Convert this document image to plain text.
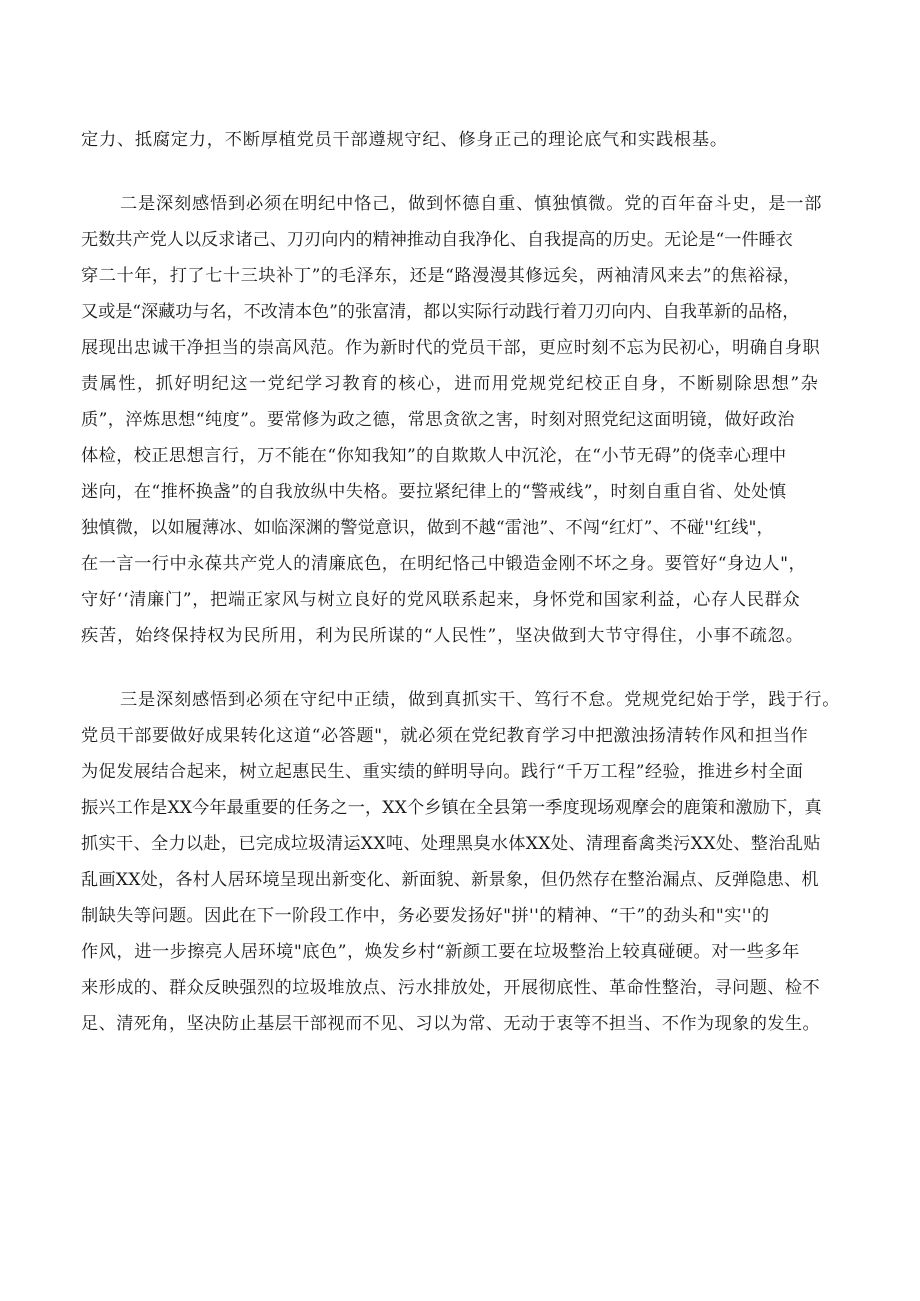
定力、抵腐定力，不断厚植党员干部遵规守纪、修身正己的理论底气和实践根基。
二是深刻感悟到必须在明纪中恪己，做到怀德自重、慎独慎微。党的百年奋斗史，是一部
无数共产党人以反求诸己、刀刃向内的精神推动自我净化、自我提高的历史。无论是“一件睡衣
穿二十年，打了七十三块补丁”的毛泽东，还是“路漫漫其修远矣，两袖清风来去”的焦裕禄，
又或是“深藏功与名，不改清本色”的张富清，都以实际行动践行着刀刃向内、自我革新的品格，
展现出忠诚干净担当的崇高风范。作为新时代的党员干部，更应时刻不忘为民初心，明确自身职
责属性，抓好明纪这一党纪学习教育的核心，进而用党规党纪校正自身，不断剔除思想”杂
质”，淬炼思想“纯度”。要常修为政之德，常思贪欲之害，时刻对照党纪这面明镜，做好政治
体检，校正思想言行，万不能在“你知我知”的自欺欺人中沉沦，在“小节无碍”的侥幸心理中
迷向，在“推杯换盏”的自我放纵中失格。要拉紧纪律上的“警戒线”，时刻自重自省、处处慎
独慎微，以如履薄冰、如临深渊的警觉意识，做到不越“雷池”、不闯“红灯”、不碰''红线"，
在一言一行中永葆共产党人的清廉底色，在明纪恪己中锻造金刚不坏之身。要管好“身边人"，
守好‘‘清廉门”，把端正家风与树立良好的党风联系起来，身怀党和国家利益，心存人民群众
疾苦，始终保持权为民所用，利为民所谋的“人民性”，坚决做到大节守得住，小事不疏忽。
三是深刻感悟到必须在守纪中正绩，做到真抓实干、笃行不怠。党规党纪始于学，践于行。
党员干部要做好成果转化这道“必答题"，就必须在党纪教育学习中把激浊扬清转作风和担当作
为促发展结合起来，树立起惠民生、重实绩的鲜明导向。践行“千万工程”经验，推进乡村全面
振兴工作是XX今年最重要的任务之一，XX个乡镇在全县第一季度现场观摩会的鹿策和激励下，真
抓实干、全力以赴，已完成垃圾清运XX吨、处理黑臭水体XX处、清理畜禽类污XX处、整治乱贴
乱画XX处，各村人居环境呈现出新变化、新面貌、新景象，但仍然存在整治漏点、反弹隐患、机
制缺失等问题。因此在下一阶段工作中，务必要发扬好"拼''的精神、“干”的劲头和"实''的
作风，进一步擦亮人居环境"底色”，焕发乡村“新颜工要在垃圾整治上较真碰硬。对一些多年
来形成的、群众反映强烈的垃圾堆放点、污水排放处，开展彻底性、革命性整治，寻问题、检不
足、清死角，坚决防止基层干部视而不见、习以为常、无动于衷等不担当、不作为现象的发生。
